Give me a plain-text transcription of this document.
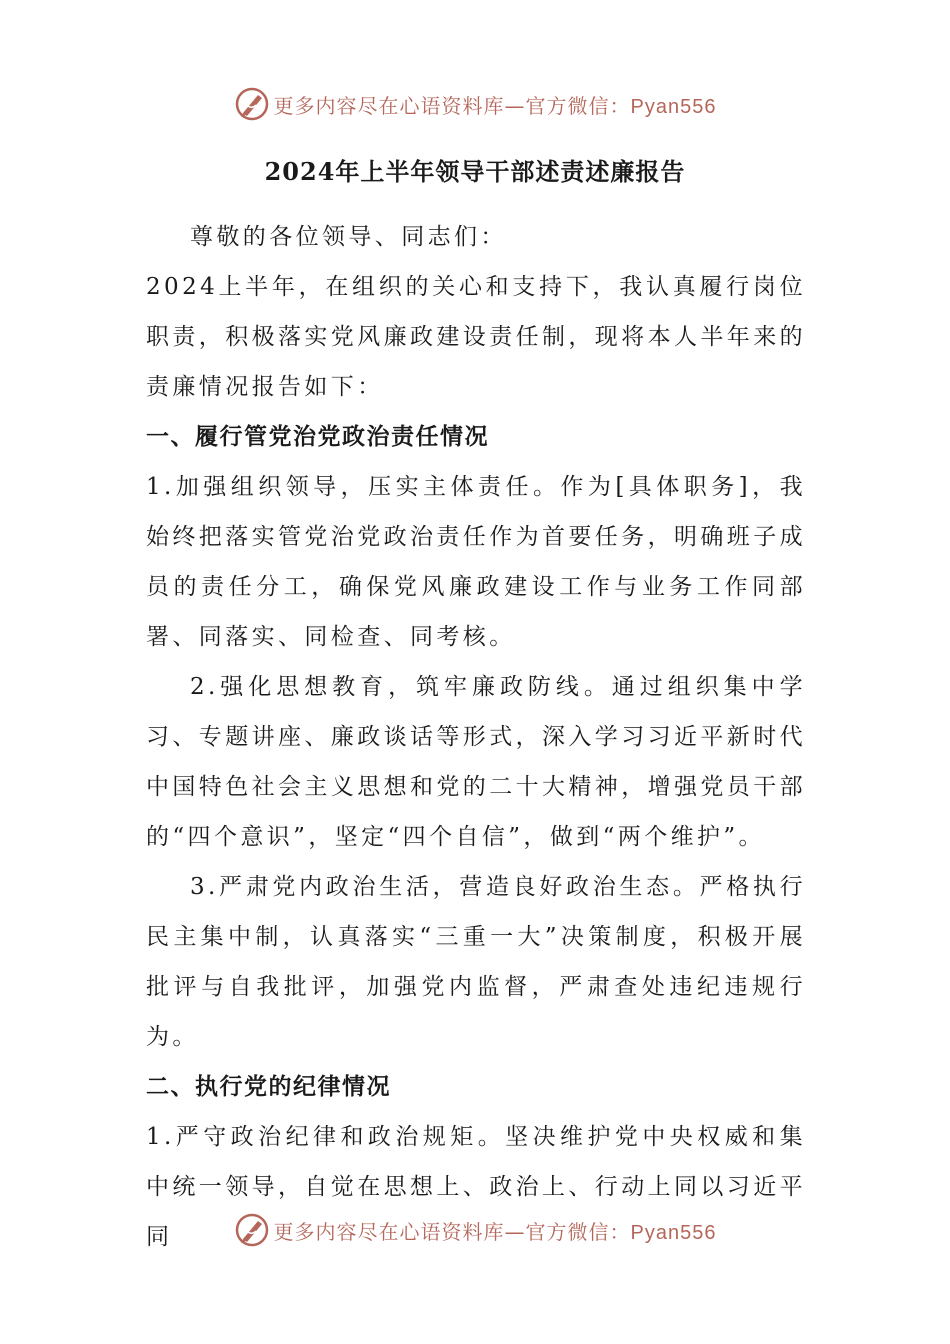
更多内容尽在心语资料库—官方微信：Pyan556
2024年上半年领导干部述责述廉报告

尊敬的各位领导、同志们：

2024上半年，在组织的关心和支持下，我认真履行岗位职责，积极落实党风廉政建设责任制，现将本人半年来的责廉情况报告如下：

一、履行管党治党政治责任情况

1.加强组织领导，压实主体责任。作为[具体职务]，我始终把落实管党治党政治责任作为首要任务，明确班子成员的责任分工，确保党风廉政建设工作与业务工作同部署、同落实、同检查、同考核。

2.强化思想教育，筑牢廉政防线。通过组织集中学习、专题讲座、廉政谈话等形式，深入学习习近平新时代中国特色社会主义思想和党的二十大精神，增强党员干部的“四个意识”，坚定“四个自信”，做到“两个维护”。

3.严肃党内政治生活，营造良好政治生态。严格执行民主集中制，认真落实“三重一大”决策制度，积极开展批评与自我批评，加强党内监督，严肃查处违纪违规行为。

二、执行党的纪律情况

1.严守政治纪律和政治规矩。坚决维护党中央权威和集中统一领导，自觉在思想上、政治上、行动上同以习近平同	更多内容尽在心语资料库—官方微信：Pyan556
